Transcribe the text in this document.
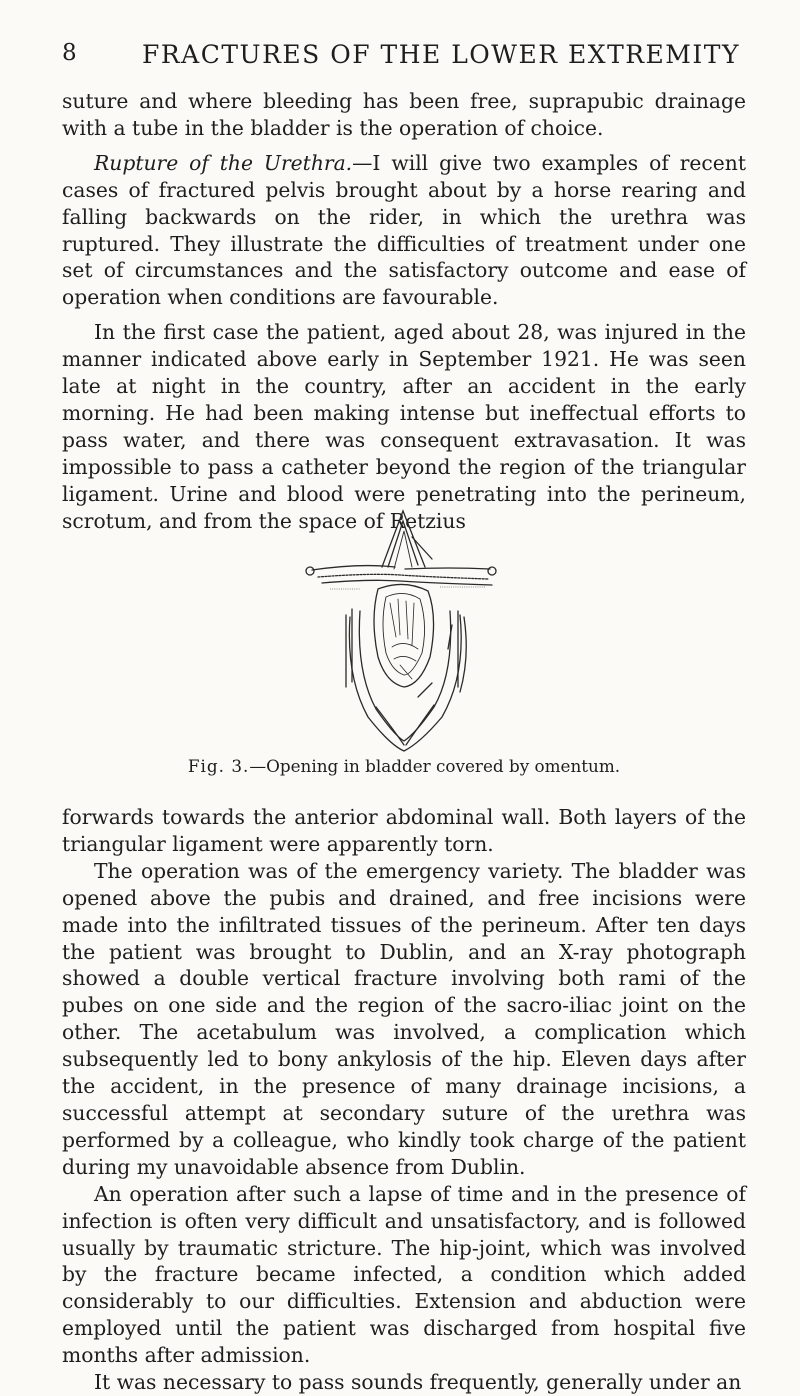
8	FRACTURES OF THE LOWER EXTREMITY

suture and where bleeding has been free, suprapubic drainage with a tube in the bladder is the operation of choice.

Rupture of the Urethra.—I will give two examples of recent cases of fractured pelvis brought about by a horse rearing and falling backwards on the rider, in which the urethra was ruptured. They illustrate the difficulties of treatment under one set of circumstances and the satisfactory outcome and ease of operation when conditions are favourable.

In the first case the patient, aged about 28, was injured in the manner indicated above early in September 1921. He was seen late at night in the country, after an accident in the early morning. He had been making intense but ineffectual efforts to pass water, and there was consequent extravasation. It was impossible to pass a catheter beyond the region of the triangular ligament. Urine and blood were penetrating into the perineum, scrotum, and from the space of Retzius

Fig. 3.—Opening in bladder covered by omentum.

forwards towards the anterior abdominal wall. Both layers of the triangular ligament were apparently torn.

The operation was of the emergency variety. The bladder was opened above the pubis and drained, and free incisions were made into the infiltrated tissues of the perineum. After ten days the patient was brought to Dublin, and an X-ray photograph showed a double vertical fracture involving both rami of the pubes on one side and the region of the sacro-iliac joint on the other. The acetabulum was involved, a complication which subsequently led to bony ankylosis of the hip. Eleven days after the accident, in the presence of many drainage incisions, a successful attempt at secondary suture of the urethra was performed by a colleague, who kindly took charge of the patient during my unavoidable absence from Dublin.

An operation after such a lapse of time and in the presence of infection is often very difficult and unsatisfactory, and is followed usually by traumatic stricture. The hip-joint, which was involved by the fracture became infected, a condition which added considerably to our difficulties. Extension and abduction were employed until the patient was discharged from hospital five months after admission.

It was necessary to pass sounds frequently, generally under an
